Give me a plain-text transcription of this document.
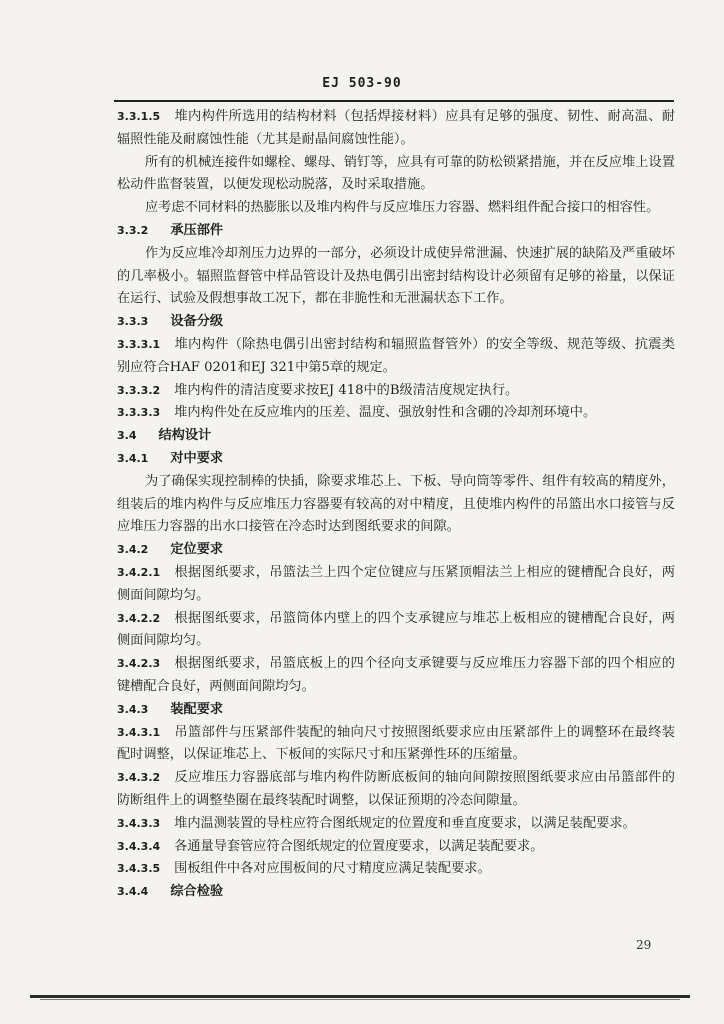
EJ 503-90

3.3.1.5 堆内构件所选用的结构材料（包括焊接材料）应具有足够的强度、韧性、耐高温、耐辐照性能及耐腐蚀性能（尤其是耐晶间腐蚀性能）。

所有的机械连接件如螺栓、螺母、销钉等，应具有可靠的防松锁紧措施，并在反应堆上设置松动件监督装置，以便发现松动脱落，及时采取措施。

应考虑不同材料的热膨胀以及堆内构件与反应堆压力容器、燃料组件配合接口的相容性。

3.3.2 承压部件

作为反应堆冷却剂压力边界的一部分，必须设计成使异常泄漏、快速扩展的缺陷及严重破坏的几率极小。辐照监督管中样品管设计及热电偶引出密封结构设计必须留有足够的裕量，以保证在运行、试验及假想事故工况下，都在非脆性和无泄漏状态下工作。

3.3.3 设备分级

3.3.3.1 堆内构件（除热电偶引出密封结构和辐照监督管外）的安全等级、规范等级、抗震类别应符合HAF 0201和EJ 321中第5章的规定。

3.3.3.2 堆内构件的清洁度要求按EJ 418中的B级清洁度规定执行。

3.3.3.3 堆内构件处在反应堆内的压差、温度、强放射性和含硼的冷却剂环境中。

3.4 结构设计

3.4.1 对中要求

为了确保实现控制棒的快插，除要求堆芯上、下板、导向筒等零件、组件有较高的精度外，组装后的堆内构件与反应堆压力容器要有较高的对中精度，且使堆内构件的吊篮出水口接管与反应堆压力容器的出水口接管在冷态时达到图纸要求的间隙。

3.4.2 定位要求

3.4.2.1 根据图纸要求，吊篮法兰上四个定位键应与压紧顶帽法兰上相应的键槽配合良好，两侧面间隙均匀。

3.4.2.2 根据图纸要求，吊篮筒体内壁上的四个支承键应与堆芯上板相应的键槽配合良好，两侧面间隙均匀。

3.4.2.3 根据图纸要求，吊篮底板上的四个径向支承键要与反应堆压力容器下部的四个相应的键槽配合良好，两侧面间隙均匀。

3.4.3 装配要求

3.4.3.1 吊篮部件与压紧部件装配的轴向尺寸按照图纸要求应由压紧部件上的调整环在最终装配时调整，以保证堆芯上、下板间的实际尺寸和压紧弹性环的压缩量。

3.4.3.2 反应堆压力容器底部与堆内构件防断底板间的轴向间隙按照图纸要求应由吊篮部件的防断组件上的调整垫圈在最终装配时调整，以保证预期的冷态间隙量。

3.4.3.3 堆内温测装置的导柱应符合图纸规定的位置度和垂直度要求，以满足装配要求。

3.4.3.4 各通量导套管应符合图纸规定的位置度要求，以满足装配要求。

3.4.3.5 围板组件中各对应围板间的尺寸精度应满足装配要求。

3.4.4 综合检验

29
